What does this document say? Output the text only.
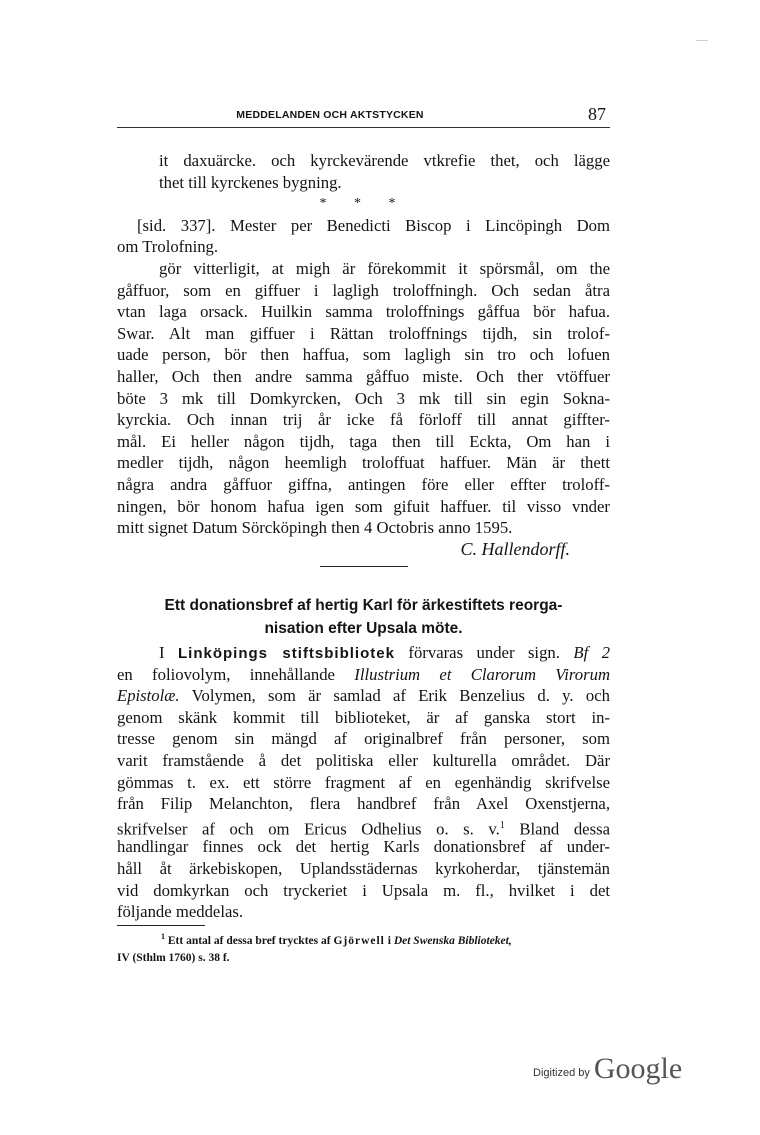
MEDDELANDEN OCH AKTSTYCKEN	87
it daxuärcke. och kyrckevärende vtkrefie thet, och lägge
thet till kyrckenes bygning.
* * *
[sid. 337]. Mester per Benedicti Biscop i Lincöpingh Dom
om Trolofning.
gör vitterligit, at migh är förekommit it spörsmål, om the
gåffuor, som en giffuer i lagligh troloffningh. Och sedan åtra
vtan laga orsack. Huilkin samma troloffnings gåffua bör hafua.
Swar. Alt man giffuer i Rättan troloffnings tijdh, sin trolof-
uade person, bör then haffua, som lagligh sin tro och lofuen
haller, Och then andre samma gåffuo miste. Och ther vtöffuer
böte 3 mk till Domkyrcken, Och 3 mk till sin egin Sokna-
kyrckia. Och innan trij år icke få förloff till annat giffter-
mål. Ei heller någon tijdh, taga then till Eckta, Om han i
medler tijdh, någon heemligh troloffuat haffuer. Män är thett
några andra gåffuor giffna, antingen före eller effter troloff-
ningen, bör honom hafua igen som gifuit haffuer. til visso vnder
mitt signet Datum Sörcköpingh then 4 Octobris anno 1595.
C. Hallendorff.
Ett donationsbref af hertig Karl för ärkestiftets reorga-
nisation efter Upsala möte.
I Linköpings stiftsbibliotek förvaras under sign. Bf 2
en foliovolym, innehållande Illustrium et Clarorum Virorum
Epistolæ. Volymen, som är samlad af Erik Benzelius d. y. och
genom skänk kommit till biblioteket, är af ganska stort in-
tresse genom sin mängd af originalbref från personer, som
varit framstående å det politiska eller kulturella området. Där
gömmas t. ex. ett större fragment af en egenhändig skrifvelse
från Filip Melanchton, flera handbref från Axel Oxenstjerna,
skrifvelser af och om Ericus Odhelius o. s. v.$^1$ Bland dessa
handlingar finnes ock det hertig Karls donationsbref af under-
håll åt ärkebiskopen, Uplandsstädernas kyrkoherdar, tjänstemän
vid domkyrkan och tryckeriet i Upsala m. fl., hvilket i det
följande meddelas.
$^1$ Ett antal af dessa bref trycktes af Gjörwell i Det Swenska Biblioteket,
IV (Sthlm 1760) s. 38 f.
Digitized by Google
